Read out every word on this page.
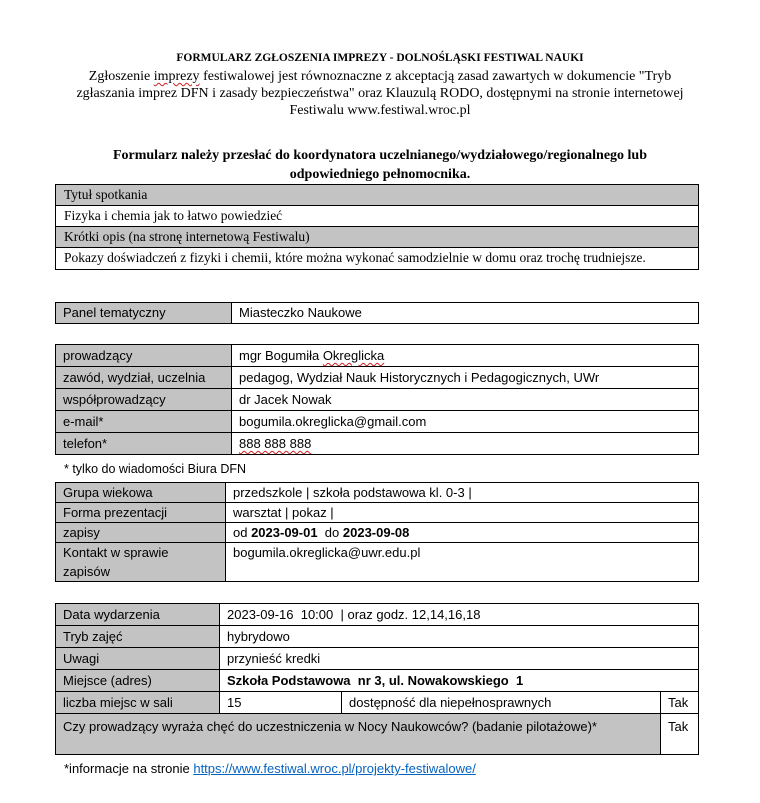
FORMULARZ ZGŁOSZENIA IMPREZY - DOLNOŚLĄSKI FESTIWAL NAUKI
Zgłoszenie imprezy festiwalowej jest równoznaczne z akceptacją zasad zawartych w dokumencie "Tryb zgłaszania imprez DFN i zasady bezpieczeństwa" oraz Klauzulą RODO, dostępnymi na stronie internetowej Festiwalu www.festiwal.wroc.pl
Formularz należy przesłać do koordynatora uczelnianego/wydziałowego/regionalnego lub odpowiedniego pełnomocnika.
Tytuł spotkania
Fizyka i chemia jak to łatwo powiedzieć
Krótki opis (na stronę internetową Festiwalu)
Pokazy doświadczeń z fizyki i chemii, które można wykonać samodzielnie w domu oraz trochę trudniejsze.
Panel tematyczny	Miasteczko Naukowe
prowadzący	mgr Bogumiła Okreglicka
zawód, wydział, uczelnia	pedagog, Wydział Nauk Historycznych i Pedagogicznych, UWr
współprowadzący	dr Jacek Nowak
e-mail*	bogumila.okreglicka@gmail.com
telefon*	888 888 888
* tylko do wiadomości Biura DFN
Grupa wiekowa	przedszkole | szkoła podstawowa kl. 0-3 |
Forma prezentacji	warsztat | pokaz |
zapisy	od 2023-09-01  do 2023-09-08
Kontakt w sprawie zapisów	bogumila.okreglicka@uwr.edu.pl
Data wydarzenia	2023-09-16  10:00  | oraz godz. 12,14,16,18		
Tryb zajęć	hybrydowo		
Uwagi	przynieść kredki		
Miejsce (adres)	Szkoła Podstawowa  nr 3, ul. Nowakowskiego  1		
liczba miejsc w sali	15	dostępność dla niepełnosprawnych	Tak
Czy prowadzący wyraża chęć do uczestniczenia w Nocy Naukowców? (badanie pilotażowe)*			Tak
*informacje na stronie https://www.festiwal.wroc.pl/projekty-festiwalowe/
